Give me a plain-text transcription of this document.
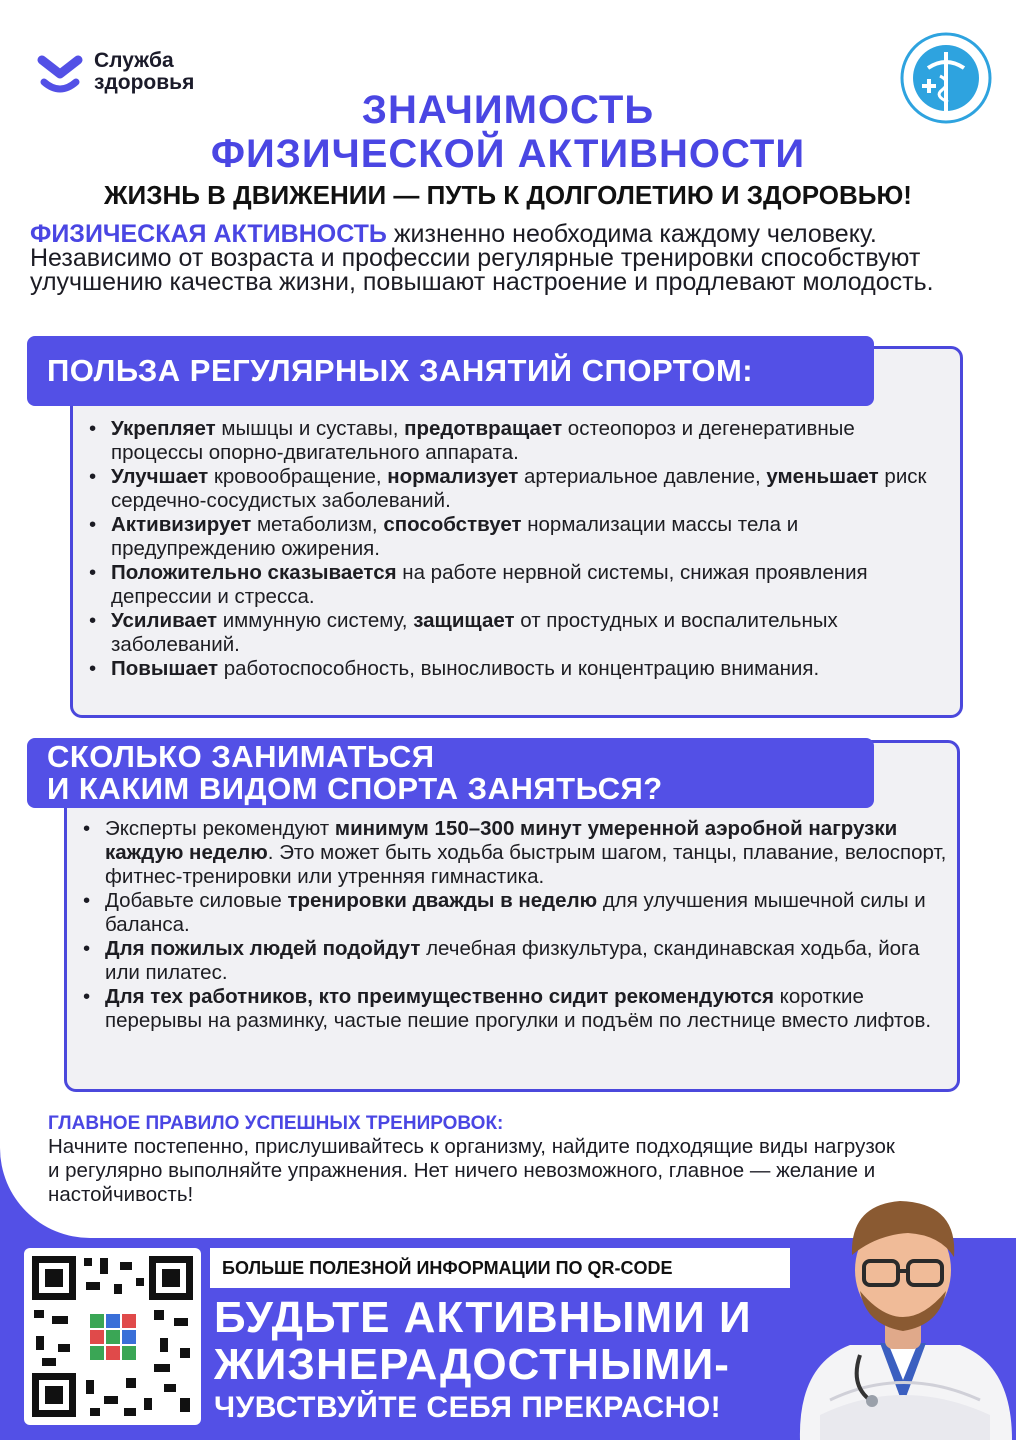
Служба
здоровья
ЗНАЧИМОСТЬ
ФИЗИЧЕСКОЙ АКТИВНОСТИ
ЖИЗНЬ В ДВИЖЕНИИ — ПУТЬ К ДОЛГОЛЕТИЮ И ЗДОРОВЬЮ!
ФИЗИЧЕСКАЯ АКТИВНОСТЬ жизненно необходима каждому человеку. Независимо от возраста и профессии регулярные тренировки способствуют улучшению качества жизни, повышают настроение и продлевают молодость.
• Укрепляет мышцы и суставы, предотвращает остеопороз и дегенеративные процессы опорно-двигательного аппарата.
• Улучшает кровообращение, нормализует артериальное давление, уменьшает риск сердечно-сосудистых заболеваний.
• Активизирует метаболизм, способствует нормализации массы тела и предупреждению ожирения.
• Положительно сказывается на работе нервной системы, снижая проявления депрессии и стресса.
• Усиливает иммунную систему, защищает от простудных и воспалительных заболеваний.
• Повышает работоспособность, выносливость и концентрацию внимания.
ПОЛЬЗА РЕГУЛЯРНЫХ ЗАНЯТИЙ СПОРТОМ:
• Эксперты рекомендуют минимум 150–300 минут умеренной аэробной нагрузки каждую неделю. Это может быть ходьба быстрым шагом, танцы, плавание, велоспорт, фитнес-тренировки или утренняя гимнастика.
• Добавьте силовые тренировки дважды в неделю для улучшения мышечной силы и баланса.
• Для пожилых людей подойдут лечебная физкультура, скандинавская ходьба, йога или пилатес.
• Для тех работников, кто преимущественно сидит рекомендуются короткие перерывы на разминку, частые пешие прогулки и подъём по лестнице вместо лифтов.
СКОЛЬКО ЗАНИМАТЬСЯ
И КАКИМ ВИДОМ СПОРТА ЗАНЯТЬСЯ?
ГЛАВНОЕ ПРАВИЛО УСПЕШНЫХ ТРЕНИРОВОК:
Начните постепенно, прислушивайтесь к организму, найдите подходящие виды нагрузок и регулярно выполняйте упражнения. Нет ничего невозможного, главное — желание и настойчивость!
БОЛЬШЕ ПОЛЕЗНОЙ ИНФОРМАЦИИ ПО QR-CODE
БУДЬТЕ АКТИВНЫМИ И
ЖИЗНЕРАДОСТНЫМИ-
ЧУВСТВУЙТЕ СЕБЯ ПРЕКРАСНО!
